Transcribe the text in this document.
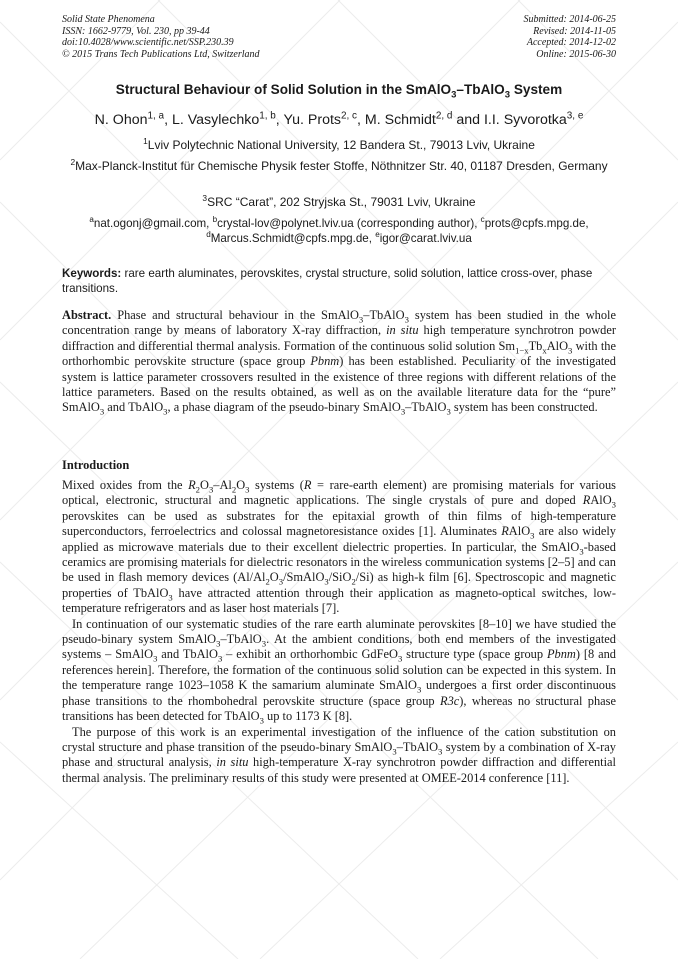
Solid State Phenomena
ISSN: 1662-9779, Vol. 230, pp 39-44
doi:10.4028/www.scientific.net/SSP.230.39
© 2015 Trans Tech Publications Ltd, Switzerland
Submitted: 2014-06-25
Revised: 2014-11-05
Accepted: 2014-12-02
Online: 2015-06-30
Structural Behaviour of Solid Solution in the SmAlO$_3$–TbAlO$_3$ System
N. Ohon$^{1, a}$, L. Vasylechko$^{1, b}$, Yu. Prots$^{2, c}$, M. Schmidt$^{2, d}$ and I.I. Syvorotka$^{3, e}$
$^1$Lviv Polytechnic National University, 12 Bandera St., 79013 Lviv, Ukraine
$^2$Max-Planck-Institut für Chemische Physik fester Stoffe, Nöthnitzer Str. 40, 01187 Dresden, Germany
$^3$SRC “Carat”, 202 Stryjska St., 79031 Lviv, Ukraine
$^a$nat.ogonj@gmail.com, $^b$crystal-lov@polynet.lviv.ua (corresponding author), $^c$prots@cpfs.mpg.de,
$^d$Marcus.Schmidt@cpfs.mpg.de, $^e$igor@carat.lviv.ua
Keywords: rare earth aluminates, perovskites, crystal structure, solid solution, lattice cross-over, phase transitions.

Abstract. Phase and structural behaviour in the SmAlO$_3$–TbAlO$_3$ system has been studied in the whole concentration range by means of laboratory X-ray diffraction, in situ high temperature synchrotron powder diffraction and differential thermal analysis. Formation of the continuous solid solution $Sm_{1-x}Tb_xAlO_3$ with the orthorhombic perovskite structure (space group Pbnm) has been established. Peculiarity of the investigated system is lattice parameter crossovers resulted in the existence of three regions with different relations of the lattice parameters. Based on the results obtained, as well as on the available literature data for the “pure” SmAlO$_3$ and TbAlO$_3$, a phase diagram of the pseudo-binary SmAlO$_3$–TbAlO$_3$ system has been constructed.

Introduction

Mixed oxides from the $R_2O_3-Al_2O_3$ systems (R = rare-earth element) are promising materials for various optical, electronic, structural and magnetic applications. The single crystals of pure and doped RAlO$_3$ perovskites can be used as substrates for the epitaxial growth of thin films of high-temperature superconductors, ferroelectrics and colossal magnetoresistance oxides [1]. Aluminates RAlO$_3$ are also widely applied as microwave materials due to their excellent dielectric properties. In particular, the SmAlO$_3$-based ceramics are promising materials for dielectric resonators in the wireless communication systems [2–5] and can be used in flash memory devices $(Al/Al_2O_3/SmAlO_3/SiO_2/Si)$ as high-k film [6]. Spectroscopic and magnetic properties of TbAlO$_3$ have attracted attention through their application as magneto-optical switches, low-temperature refrigerators and as laser host materials [7].

In continuation of our systematic studies of the rare earth aluminate perovskites [8–10] we have studied the pseudo-binary system SmAlO$_3$–TbAlO$_3$. At the ambient conditions, both end members of the investigated systems – SmAlO$_3$ and TbAlO$_3$ – exhibit an orthorhombic GdFeO$_3$ structure type (space group Pbnm) [8 and references herein]. Therefore, the formation of the continuous solid solution can be expected in this system. In the temperature range 1023–1058 K the samarium aluminate SmAlO$_3$ undergoes a first order discontinuous phase transitions to the rhombohedral perovskite structure (space group R3c), whereas no structural phase transitions has been detected for TbAlO$_3$ up to 1173 K [8].

The purpose of this work is an experimental investigation of the influence of the cation substitution on crystal structure and phase transition of the pseudo-binary SmAlO$_3$–TbAlO$_3$ system by a combination of X-ray phase and structural analysis, in situ high-temperature X-ray synchrotron powder diffraction and differential thermal analysis. The preliminary results of this study were presented at OMEE-2014 conference [11].
